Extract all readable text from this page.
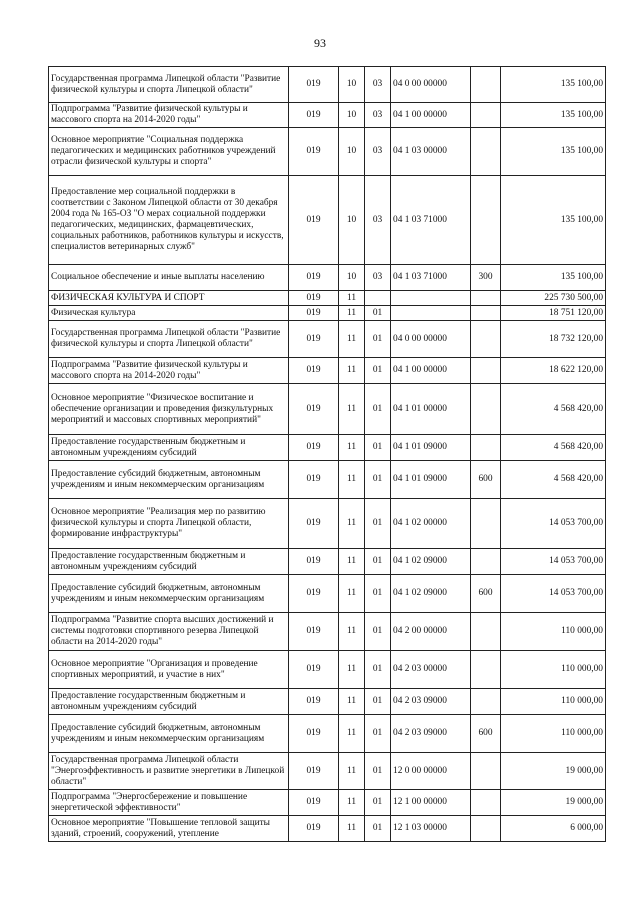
93
Государственная программа Липецкой области "Развитие физической культуры и спорта Липецкой области"	019	10	03	04 0 00 00000		135 100,00
Подпрограмма "Развитие физической культуры и массового спорта на 2014-2020 годы"	019	10	03	04 1 00 00000		135 100,00
Основное мероприятие "Социальная поддержка педагогических и медицинских работников учреждений отрасли физической культуры и спорта"	019	10	03	04 1 03 00000		135 100,00
Предоставление мер социальной поддержки в соответствии с Законом Липецкой области от 30 декабря 2004 года № 165-ОЗ "О мерах социальной поддержки педагогических, медицинских, фармацевтических, социальных работников, работников культуры и искусств, специалистов ветеринарных служб"	019	10	03	04 1 03 71000		135 100,00
Социальное обеспечение и иные выплаты населению	019	10	03	04 1 03 71000	300	135 100,00
ФИЗИЧЕСКАЯ КУЛЬТУРА И СПОРТ	019	11				225 730 500,00
Физическая культура	019	11	01			18 751 120,00
Государственная программа Липецкой области "Развитие физической культуры и спорта Липецкой области"	019	11	01	04 0 00 00000		18 732 120,00
Подпрограмма "Развитие физической культуры и массового спорта на 2014-2020 годы"	019	11	01	04 1 00 00000		18 622 120,00
Основное мероприятие "Физическое воспитание и обеспечение организации и проведения физкультурных мероприятий и массовых спортивных мероприятий"	019	11	01	04 1 01 00000		4 568 420,00
Предоставление государственным бюджетным и автономным учреждениям субсидий	019	11	01	04 1 01 09000		4 568 420,00
Предоставление субсидий бюджетным, автономным учреждениям и иным некоммерческим организациям	019	11	01	04 1 01 09000	600	4 568 420,00
Основное мероприятие "Реализация мер по развитию физической культуры и спорта Липецкой области, формирование инфраструктуры"	019	11	01	04 1 02 00000		14 053 700,00
Предоставление государственным бюджетным и автономным учреждениям субсидий	019	11	01	04 1 02 09000		14 053 700,00
Предоставление субсидий бюджетным, автономным учреждениям и иным некоммерческим организациям	019	11	01	04 1 02 09000	600	14 053 700,00
Подпрограмма "Развитие спорта высших достижений и системы подготовки спортивного резерва Липецкой области на 2014-2020 годы"	019	11	01	04 2 00 00000		110 000,00
Основное мероприятие "Организация и проведение спортивных мероприятий, и участие в них"	019	11	01	04 2 03 00000		110 000,00
Предоставление государственным бюджетным и автономным учреждениям субсидий	019	11	01	04 2 03 09000		110 000,00
Предоставление субсидий бюджетным, автономным учреждениям и иным некоммерческим организациям	019	11	01	04 2 03 09000	600	110 000,00
Государственная программа Липецкой области "Энергоэффективность и развитие энергетики в Липецкой области"	019	11	01	12 0 00 00000		19 000,00
Подпрограмма "Энергосбережение и повышение энергетической эффективности"	019	11	01	12 1 00 00000		19 000,00
Основное мероприятие "Повышение тепловой защиты зданий, строений, сооружений, утепление	019	11	01	12 1 03 00000		6 000,00
